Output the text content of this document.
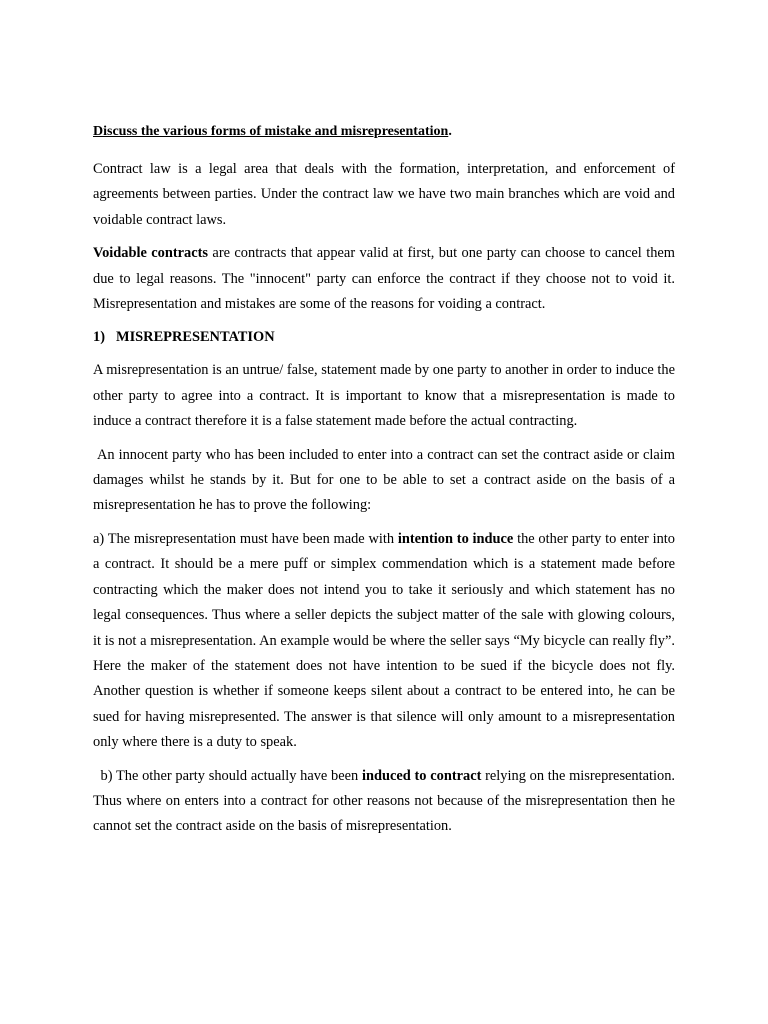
Discuss the various forms of mistake and misrepresentation.

Contract law is a legal area that deals with the formation, interpretation, and enforcement of agreements between parties. Under the contract law we have two main branches which are void and voidable contract laws.

Voidable contracts are contracts that appear valid at first, but one party can choose to cancel them due to legal reasons. The "innocent" party can enforce the contract if they choose not to void it. Misrepresentation and mistakes are some of the reasons for voiding a contract.

1) MISREPRESENTATION

A misrepresentation is an untrue/ false, statement made by one party to another in order to induce the other party to agree into a contract. It is important to know that a misrepresentation is made to induce a contract therefore it is a false statement made before the actual contracting.

An innocent party who has been included to enter into a contract can set the contract aside or claim damages whilst he stands by it. But for one to be able to set a contract aside on the basis of a misrepresentation he has to prove the following:

a) The misrepresentation must have been made with intention to induce the other party to enter into a contract. It should be a mere puff or simplex commendation which is a statement made before contracting which the maker does not intend you to take it seriously and which statement has no legal consequences. Thus where a seller depicts the subject matter of the sale with glowing colours, it is not a misrepresentation. An example would be where the seller says “My bicycle can really fly”. Here the maker of the statement does not have intention to be sued if the bicycle does not fly. Another question is whether if someone keeps silent about a contract to be entered into, he can be sued for having misrepresented. The answer is that silence will only amount to a misrepresentation only where there is a duty to speak.

b) The other party should actually have been induced to contract relying on the misrepresentation. Thus where on enters into a contract for other reasons not because of the misrepresentation then he cannot set the contract aside on the basis of misrepresentation.
